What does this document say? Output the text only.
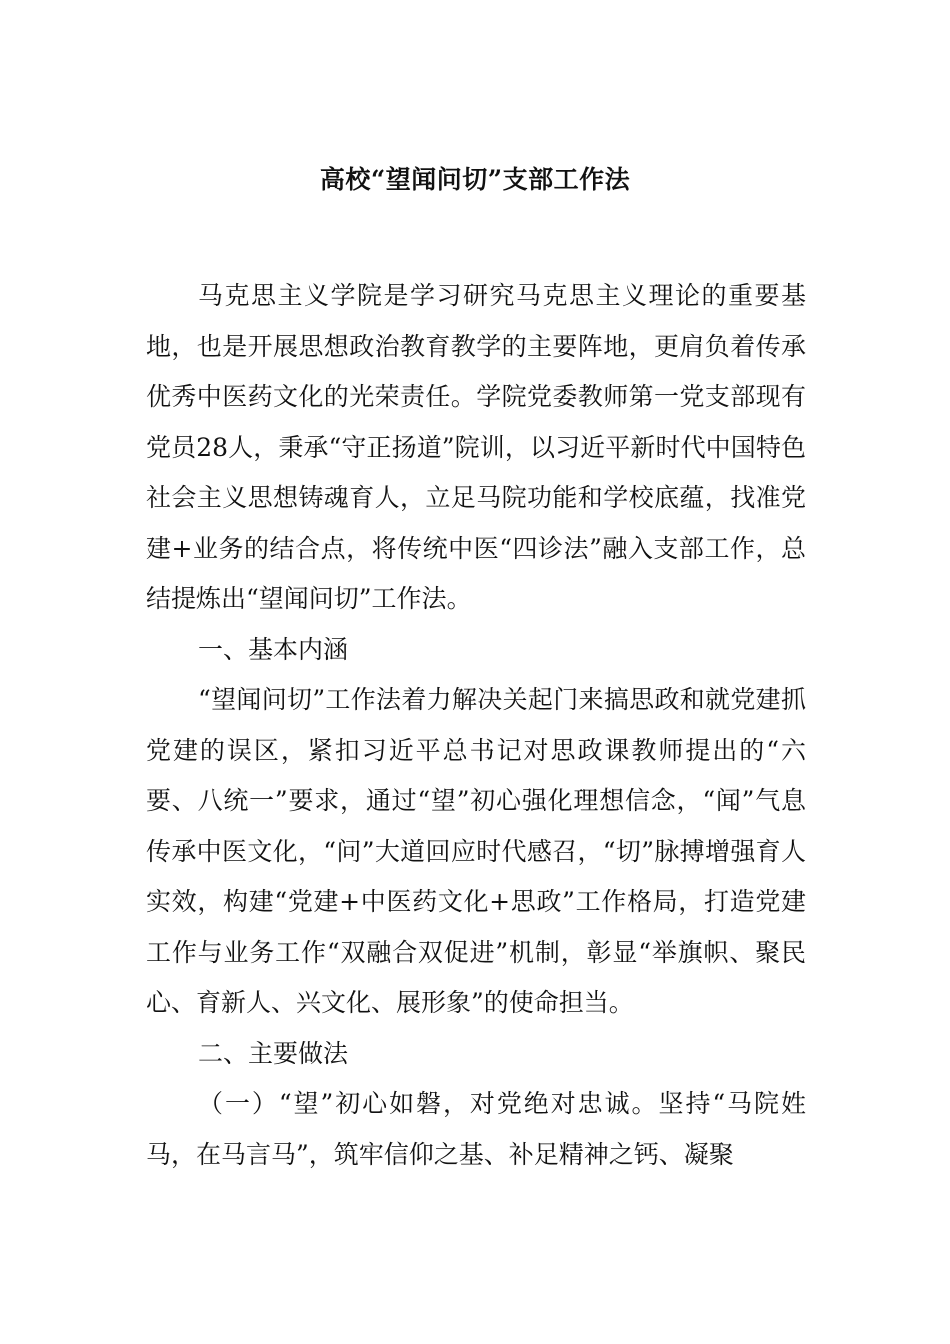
高校“望闻问切”支部工作法

马克思主义学院是学习研究马克思主义理论的重要基地，也是开展思想政治教育教学的主要阵地，更肩负着传承优秀中医药文化的光荣责任。学院党委教师第一党支部现有党员28人，秉承“守正扬道”院训，以习近平新时代中国特色社会主义思想铸魂育人，立足马院功能和学校底蕴，找准党建+业务的结合点，将传统中医“四诊法”融入支部工作，总结提炼出“望闻问切”工作法。

一、基本内涵

“望闻问切”工作法着力解决关起门来搞思政和就党建抓党建的误区，紧扣习近平总书记对思政课教师提出的“六要、八统一”要求，通过“望”初心强化理想信念，“闻”气息传承中医文化，“问”大道回应时代感召，“切”脉搏增强育人实效，构建“党建+中医药文化+思政”工作格局，打造党建工作与业务工作“双融合双促进”机制，彰显“举旗帜、聚民心、育新人、兴文化、展形象”的使命担当。

二、主要做法

（一）“望”初心如磐，对党绝对忠诚。坚持“马院姓马，在马言马”，筑牢信仰之基、补足精神之钙、凝聚
